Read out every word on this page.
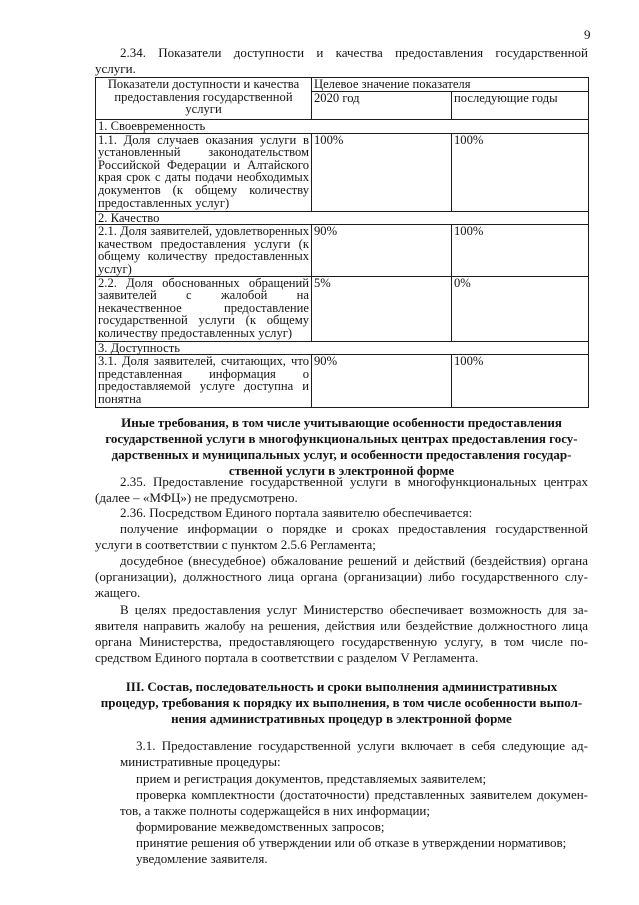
9
2.34. Показатели доступности и качества предоставления государственной
услуги.
Показатели доступности и качества предоставления государственной услуги	Целевое значение показателя	
	2020 год	последующие годы
1. Своевременность		
1.1. Доля случаев оказания услуги в установленный законодательством Российской Федерации и Алтайского края срок с даты подачи необходимых документов (к общему количеству предоставленных услуг)	100%	100%
2. Качество		
2.1. Доля заявителей, удовлетворенных качеством предоставления услуги (к общему количеству предоставленных услуг)	90%	100%
2.2. Доля обоснованных обращений заявителей с жалобой на некачественное предоставление государственной услуги (к общему количеству предоставленных услуг)	5%	0%
3. Доступность		
3.1. Доля заявителей, считающих, что представленная информация о предоставляемой услуге доступна и понятна	90%	100%
Иные требования, в том числе учитывающие особенности предоставления
государственной услуги в многофункциональных центрах предоставления госу-
дарственных и муниципальных услуг, и особенности предоставления государ-
ственной услуги в электронной форме
2.35. Предоставление государственной услуги в многофункциональных центрах
(далее – «МФЦ») не предусмотрено.
2.36. Посредством Единого портала заявителю обеспечивается:
получение информации о порядке и сроках предоставления государственной
услуги в соответствии с пунктом 2.5.6 Регламента;
досудебное (внесудебное) обжалование решений и действий (бездействия) органа
(организации), должностного лица органа (организации) либо государственного слу-
жащего.
В целях предоставления услуг Министерство обеспечивает возможность для за-
явителя направить жалобу на решения, действия или бездействие должностного лица
органа Министерства, предоставляющего государственную услугу, в том числе по-
средством Единого портала в соответствии с разделом V Регламента.
III. Состав, последовательность и сроки выполнения административных
процедур, требования к порядку их выполнения, в том числе особенности выпол-
нения административных процедур в электронной форме
3.1. Предоставление государственной услуги включает в себя следующие ад-
министративные процедуры:
прием и регистрация документов, представляемых заявителем;
проверка комплектности (достаточности) представленных заявителем докумен-
тов, а также полноты содержащейся в них информации;
формирование межведомственных запросов;
принятие решения об утверждении или об отказе в утверждении нормативов;
уведомление заявителя.
